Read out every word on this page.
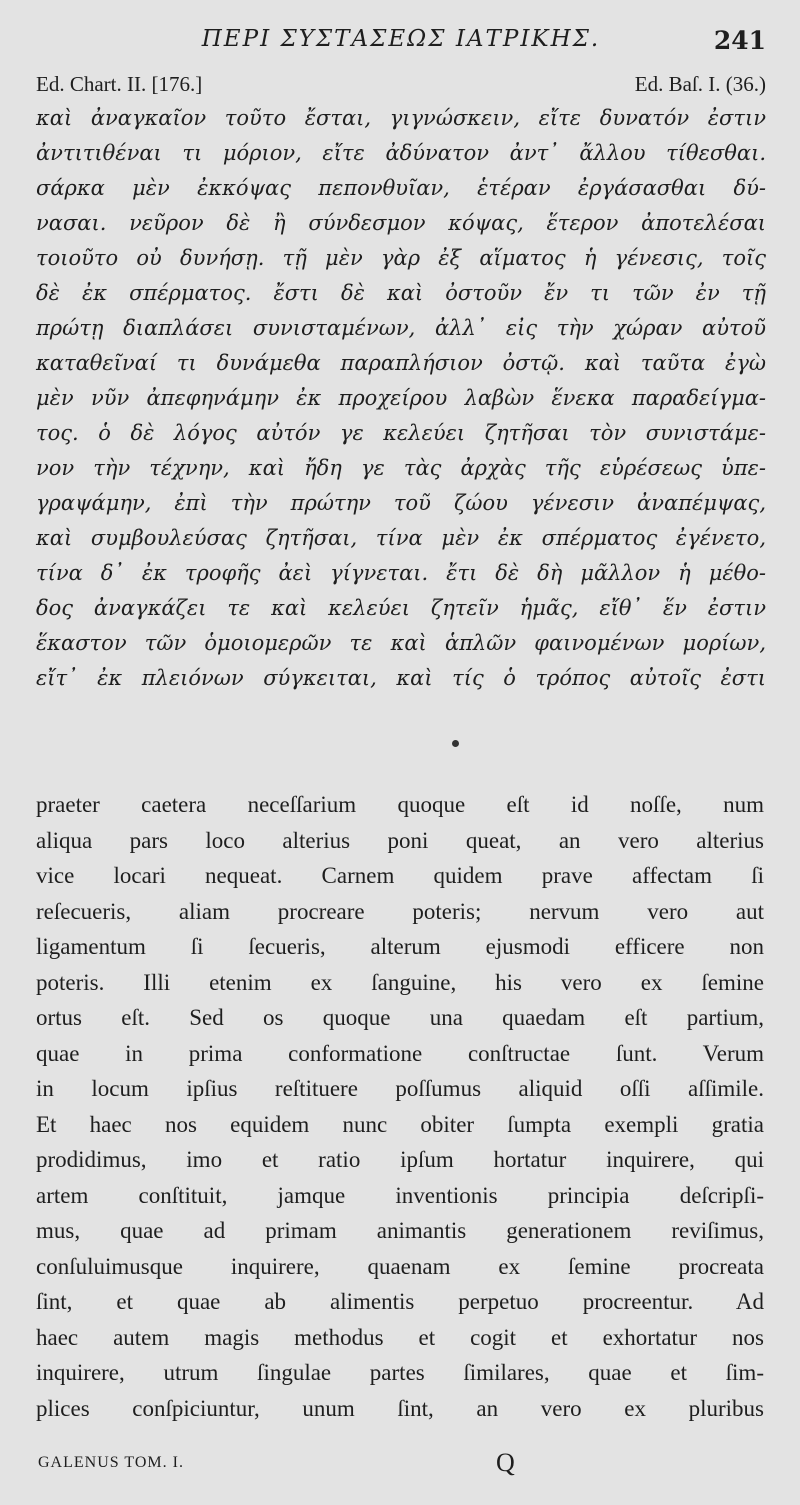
ΠΕΡΙ ΣΥΣΤΑΣΕΩΣ ΙΑΤΡΙΚΗΣ.	241
Ed. Chart. II. [176.]	Ed. Baſ. I. (36.)
καὶ ἀναγκαῖον τοῦτο ἔσται, γιγνώσκειν, εἴτε δυνατόν ἐστιν
ἀντιτιθέναι τι μόριον, εἴτε ἀδύνατον ἀντ᾽ ἄλλου τίθεσθαι.
σάρκα μὲν ἐκκόψας πεπονθυῖαν, ἑτέραν ἐργάσασθαι δύ-
νασαι. νεῦρον δὲ ἢ σύνδεσμον κόψας, ἕτερον ἀποτελέσαι
τοιοῦτο οὐ δυνήσῃ. τῇ μὲν γὰρ ἐξ αἵματος ἡ γένεσις, τοῖς
δὲ ἐκ σπέρματος. ἔστι δὲ καὶ ὀστοῦν ἔν τι τῶν ἐν τῇ
πρώτῃ διαπλάσει συνισταμένων, ἀλλ᾽ εἰς τὴν χώραν αὐτοῦ
καταθεῖναί τι δυνάμεθα παραπλήσιον ὀστῷ. καὶ ταῦτα ἐγὼ
μὲν νῦν ἀπεφηνάμην ἐκ προχείρου λαβὼν ἕνεκα παραδείγμα-
τος. ὁ δὲ λόγος αὐτόν γε κελεύει ζητῆσαι τὸν συνιστάμε-
νον τὴν τέχνην, καὶ ἤδη γε τὰς ἀρχὰς τῆς εὑρέσεως ὑπε-
γραψάμην, ἐπὶ τὴν πρώτην τοῦ ζώου γένεσιν ἀναπέμψας,
καὶ συμβουλεύσας ζητῆσαι, τίνα μὲν ἐκ σπέρματος ἐγένετο,
τίνα δ᾽ ἐκ τροφῆς ἀεὶ γίγνεται. ἔτι δὲ δὴ μᾶλλον ἡ μέθο-
δος ἀναγκάζει τε καὶ κελεύει ζητεῖν ἡμᾶς, εἴθ᾽ ἕν ἐστιν
ἕκαστον τῶν ὁμοιομερῶν τε καὶ ἁπλῶν φαινομένων μορίων,
εἴτ᾽ ἐκ πλειόνων σύγκειται, καὶ τίς ὁ τρόπος αὐτοῖς ἐστι
praeter caetera neceſſarium quoque eſt id noſſe, num
aliqua pars loco alterius poni queat, an vero alterius
vice locari nequeat. Carnem quidem prave affectam ſi
reſecueris, aliam procreare poteris; nervum vero aut
ligamentum ſi ſecueris, alterum ejusmodi efficere non
poteris. Illi etenim ex ſanguine, his vero ex ſemine
ortus eſt. Sed os quoque una quaedam eſt partium,
quae in prima conformatione conſtructae ſunt. Verum
in locum ipſius reſtituere poſſumus aliquid oſſi aſſimile.
Et haec nos equidem nunc obiter ſumpta exempli gratia
prodidimus, imo et ratio ipſum hortatur inquirere, qui
artem conſtituit, jamque inventionis principia deſcripſi-
mus, quae ad primam animantis generationem reviſimus,
conſuluimusque inquirere, quaenam ex ſemine procreata
ſint, et quae ab alimentis perpetuo procreentur. Ad
haec autem magis methodus et cogit et exhortatur nos
inquirere, utrum ſingulae partes ſimilares, quae et ſim-
plices conſpiciuntur, unum ſint, an vero ex pluribus
GALENUS TOM. I.	Q
